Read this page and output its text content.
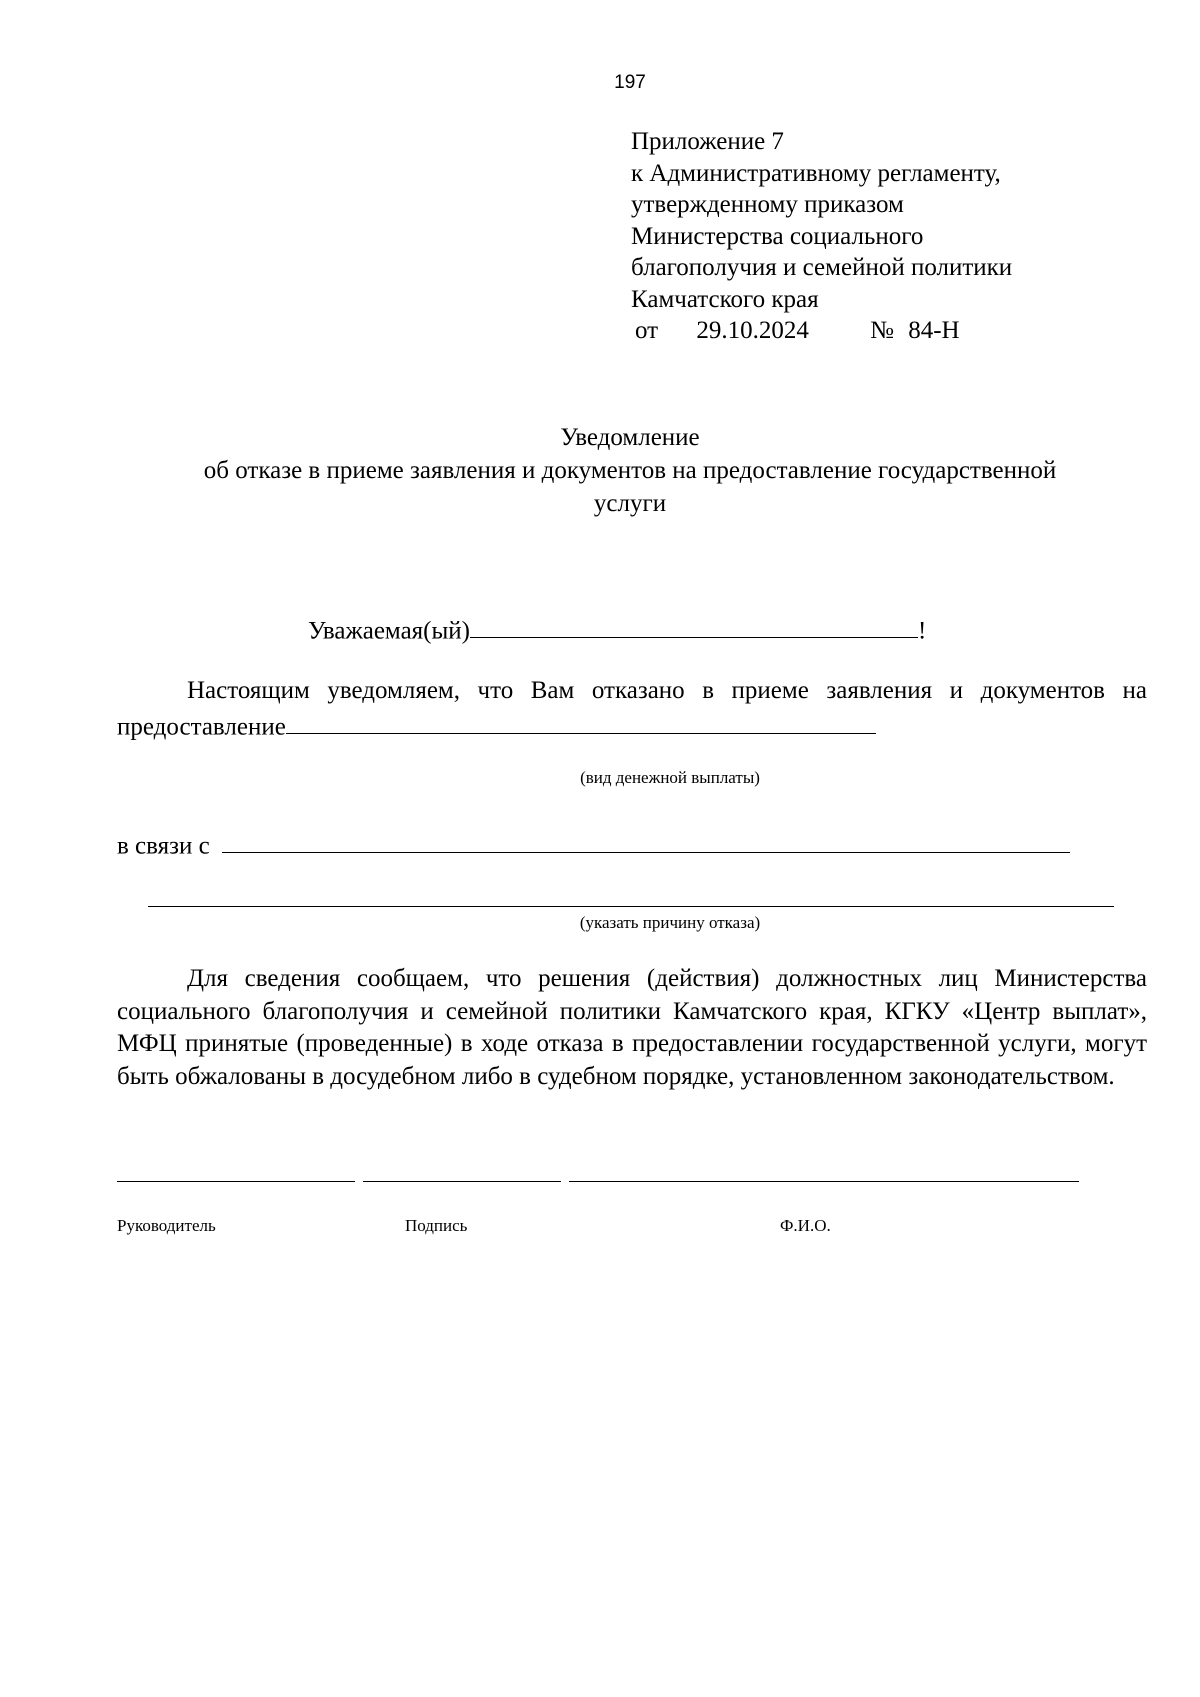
197
Приложение 7
к Административному регламенту,
утвержденному приказом
Министерства социального
благополучия и семейной политики
Камчатского края
от 29.10.2024 № 84-Н
Уведомление
об отказе в приеме заявления и документов на предоставление государственной
услуги
Уважаемая(ый)	!
Настоящим уведомляем, что Вам отказано в приеме заявления и документов на предоставление
(вид денежной выплаты)
в связи с
(указать причину отказа)
Для сведения сообщаем, что решения (действия) должностных лиц Министерства социального благополучия и семейной политики Камчатского края, КГКУ «Центр выплат», МФЦ принятые (проведенные) в ходе отказа в предоставлении государственной услуги, могут быть обжалованы в досудебном либо в судебном порядке, установленном законодательством.
Руководитель	Подпись	Ф.И.О.
